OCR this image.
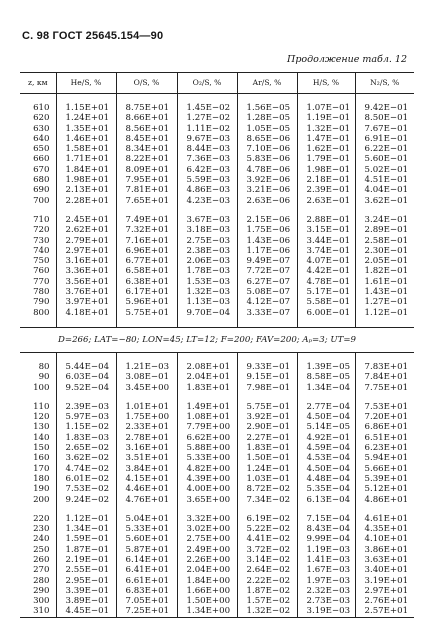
С. 98 ГОСТ 25645.154—90
Продолжение табл. 12
z, км	He/S, %	O/S, %	O₂/S, %	Ar/S, %	H/S, %	N₂/S, %

610	1.15E+01	8.75E+01	1.45E−02	1.56E−05	1.07E−01	9.42E−01
620	1.24E+01	8.66E+01	1.27E−02	1.28E−05	1.19E−01	8.50E−01
630	1.35E+01	8.56E+01	1.11E−02	1.05E−05	1.32E−01	7.67E−01
640	1.46E+01	8.45E+01	9.67E−03	8.65E−06	1.47E−01	6.91E−01
650	1.58E+01	8.34E+01	8.44E−03	7.10E−06	1.62E−01	6.22E−01
660	1.71E+01	8.22E+01	7.36E−03	5.83E−06	1.79E−01	5.60E−01
670	1.84E+01	8.09E+01	6.42E−03	4.78E−06	1.98E−01	5.02E−01
680	1.98E+01	7.95E+01	5.59E−03	3.92E−06	2.18E−01	4.51E−01
690	2.13E+01	7.81E+01	4.86E−03	3.21E−06	2.39E−01	4.04E−01
700	2.28E+01	7.65E+01	4.23E−03	2.63E−06	2.63E−01	3.62E−01

710	2.45E+01	7.49E+01	3.67E−03	2.15E−06	2.88E−01	3.24E−01
720	2.62E+01	7.32E+01	3.18E−03	1.75E−06	3.15E−01	2.89E−01
730	2.79E+01	7.16E+01	2.75E−03	1.43E−06	3.44E−01	2.58E−01
740	2.97E+01	6.96E+01	2.38E−03	1.17E−06	3.74E−01	2.30E−01
750	3.16E+01	6.77E+01	2.06E−03	9.49E−07	4.07E−01	2.05E−01
760	3.36E+01	6.58E+01	1.78E−03	7.72E−07	4.42E−01	1.82E−01
770	3.56E+01	6.38E+01	1.53E−03	6.27E−07	4.78E−01	1.61E−01
780	3.76E+01	6.17E+01	1.32E−03	5.08E−07	5.17E−01	1.43E−01
790	3.97E+01	5.96E+01	1.13E−03	4.12E−07	5.58E−01	1.27E−01
800	4.18E+01	5.75E+01	9.70E−04	3.33E−07	6.00E−01	1.12E−01

D=266; LAT=−80; LON=45; LT=12; F=200; FAV=200; Aₚ=3; UT=9						

80	5.44E−04	1.21E−03	2.08E+01	9.33E−01	1.39E−05	7.83E+01
90	6.03E−04	3.08E−01	2.04E+01	9.15E−01	8.58E−05	7.84E+01
100	9.52E−04	3.45E+00	1.83E+01	7.98E−01	1.34E−04	7.75E+01

110	2.39E−03	1.01E+01	1.49E+01	5.75E−01	2.77E−04	7.53E+01
120	5.97E−03	1.75E+00	1.08E+01	3.92E−01	4.50E−04	7.20E+01
130	1.15E−02	2.33E+01	7.79E+00	2.90E−01	5.14E−05	6.86E+01
140	1.83E−03	2.78E+01	6.62E+00	2.27E−01	4.92E−01	6.51E+01
150	2.65E−02	3.16E+01	5.88E+00	1.83E−01	4.59E−04	6.23E+01
160	3.62E−02	3.51E+01	5.33E+00	1.50E−01	4.53E−04	5.94E+01
170	4.74E−02	3.84E+01	4.82E+00	1.24E−01	4.50E−04	5.66E+01
180	6.01E−02	4.15E+01	4.39E+00	1.03E−01	4.48E−04	5.39E+01
190	7.53E−02	4.46E+01	4.00E+00	8.72E−02	5.35E−04	5.12E+01
200	9.24E−02	4.76E+01	3.65E+00	7.34E−02	6.13E−04	4.86E+01

220	1.12E−01	5.04E+01	3.32E+00	6.19E−02	7.15E−04	4.61E+01
230	1.34E−01	5.33E+01	3.02E+00	5.22E−02	8.43E−04	4.35E+01
240	1.59E−01	5.60E+01	2.75E+00	4.41E−02	9.99E−04	4.10E+01
250	1.87E−01	5.87E+01	2.49E+00	3.72E−02	1.19E−03	3.86E+01
260	2.19E−01	6.14E+01	2.26E+00	3.14E−02	1.41E−03	3.63E+01
270	2.55E−01	6.41E+01	2.04E+00	2.64E−02	1.67E−03	3.40E+01
280	2.95E−01	6.61E+01	1.84E+00	2.22E−02	1.97E−03	3.19E+01
290	3.39E−01	6.83E+01	1.66E+00	1.87E−02	2.32E−03	2.97E+01
300	3.89E−01	7.05E+01	1.50E+00	1.57E−02	2.73E−03	2.76E+01
310	4.45E−01	7.25E+01	1.34E+00	1.32E−02	3.19E−03	2.57E+01
